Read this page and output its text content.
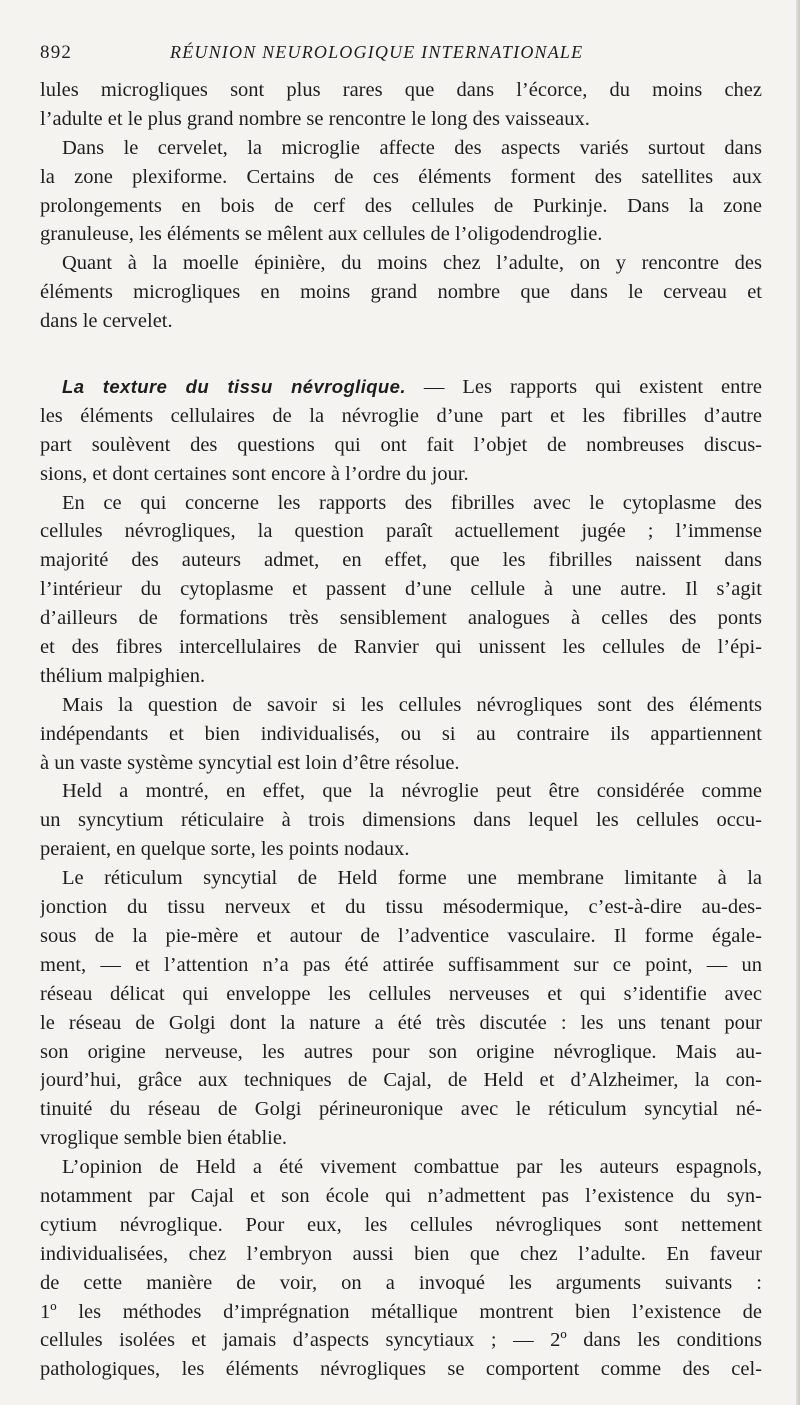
892	RÉUNION NEUROLOGIQUE INTERNATIONALE
lules microgliques sont plus rares que dans l’écorce, du moins chez
l’adulte et le plus grand nombre se rencontre le long des vaisseaux.
Dans le cervelet, la microglie affecte des aspects variés surtout dans
la zone plexiforme. Certains de ces éléments forment des satellites aux
prolongements en bois de cerf des cellules de Purkinje. Dans la zone
granuleuse, les éléments se mêlent aux cellules de l’oligodendroglie.
Quant à la moelle épinière, du moins chez l’adulte, on y rencontre des
éléments microgliques en moins grand nombre que dans le cerveau et
dans le cervelet.
La texture du tissu névroglique. — Les rapports qui existent entre
les éléments cellulaires de la névroglie d’une part et les fibrilles d’autre
part soulèvent des questions qui ont fait l’objet de nombreuses discus-
sions, et dont certaines sont encore à l’ordre du jour.
En ce qui concerne les rapports des fibrilles avec le cytoplasme des
cellules névrogliques, la question paraît actuellement jugée ; l’immense
majorité des auteurs admet, en effet, que les fibrilles naissent dans
l’intérieur du cytoplasme et passent d’une cellule à une autre. Il s’agit
d’ailleurs de formations très sensiblement analogues à celles des ponts
et des fibres intercellulaires de Ranvier qui unissent les cellules de l’épi-
thélium malpighien.
Mais la question de savoir si les cellules névrogliques sont des éléments
indépendants et bien individualisés, ou si au contraire ils appartiennent
à un vaste système syncytial est loin d’être résolue.
Held a montré, en effet, que la névroglie peut être considérée comme
un syncytium réticulaire à trois dimensions dans lequel les cellules occu-
peraient, en quelque sorte, les points nodaux.
Le réticulum syncytial de Held forme une membrane limitante à la
jonction du tissu nerveux et du tissu mésodermique, c’est-à-dire au-des-
sous de la pie-mère et autour de l’adventice vasculaire. Il forme égale-
ment, — et l’attention n’a pas été attirée suffisamment sur ce point, — un
réseau délicat qui enveloppe les cellules nerveuses et qui s’identifie avec
le réseau de Golgi dont la nature a été très discutée : les uns tenant pour
son origine nerveuse, les autres pour son origine névroglique. Mais au-
jourd’hui, grâce aux techniques de Cajal, de Held et d’Alzheimer, la con-
tinuité du réseau de Golgi périneuronique avec le réticulum syncytial né-
vroglique semble bien établie.
L’opinion de Held a été vivement combattue par les auteurs espagnols,
notamment par Cajal et son école qui n’admettent pas l’existence du syn-
cytium névroglique. Pour eux, les cellules névrogliques sont nettement
individualisées, chez l’embryon aussi bien que chez l’adulte. En faveur
de cette manière de voir, on a invoqué les arguments suivants :
1º les méthodes d’imprégnation métallique montrent bien l’existence de
cellules isolées et jamais d’aspects syncytiaux ; — 2º dans les conditions
pathologiques, les éléments névrogliques se comportent comme des cel-
